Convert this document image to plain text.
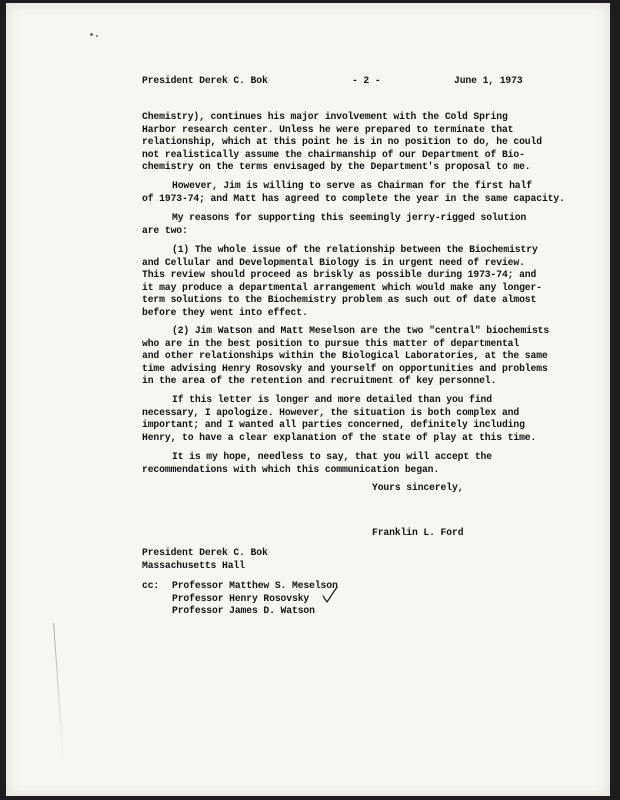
President Derek C. Bok	- 2 -	June 1, 1973
Chemistry), continues his major involvement with the Cold Spring
Harbor research center. Unless he were prepared to terminate that
relationship, which at this point he is in no position to do, he could
not realistically assume the chairmanship of our Department of Bio-
chemistry on the terms envisaged by the Department's proposal to me.
However, Jim is willing to serve as Chairman for the first half
of 1973-74; and Matt has agreed to complete the year in the same capacity.
My reasons for supporting this seemingly jerry-rigged solution
are two:
(1) The whole issue of the relationship between the Biochemistry
and Cellular and Developmental Biology is in urgent need of review.
This review should proceed as briskly as possible during 1973-74; and
it may produce a departmental arrangement which would make any longer-
term solutions to the Biochemistry problem as such out of date almost
before they went into effect.
(2) Jim Watson and Matt Meselson are the two "central" biochemists
who are in the best position to pursue this matter of departmental
and other relationships within the Biological Laboratories, at the same
time advising Henry Rosovsky and yourself on opportunities and problems
in the area of the retention and recruitment of key personnel.
If this letter is longer and more detailed than you find
necessary, I apologize. However, the situation is both complex and
important; and I wanted all parties concerned, definitely including
Henry, to have a clear explanation of the state of play at this time.
It is my hope, needless to say, that you will accept the
recommendations with which this communication began.
Yours sincerely,
Franklin L. Ford
President Derek C. Bok
Massachusetts Hall
cc: Professor Matthew S. Meselson
Professor Henry Rosovsky
Professor James D. Watson
